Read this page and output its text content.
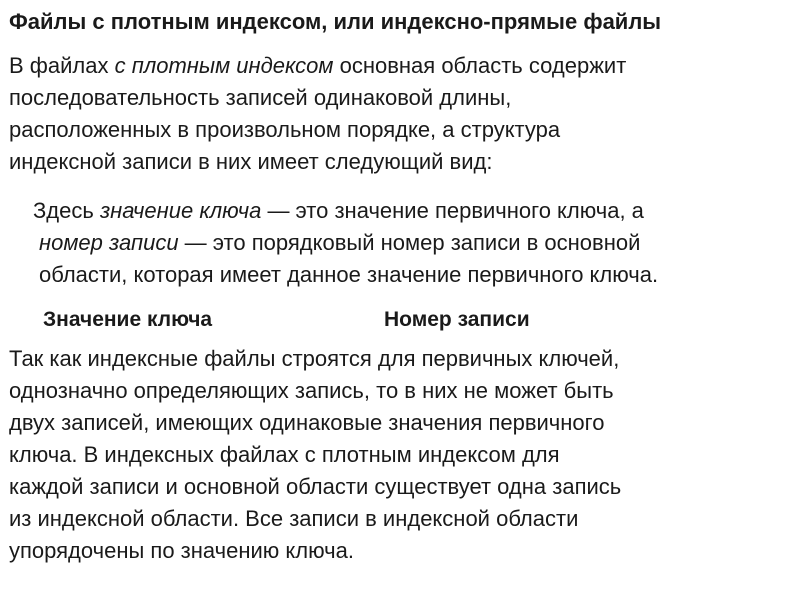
Файлы с плотным индексом, или индексно-прямые файлы
В файлах с плотным индексом основная область содержит
последовательность записей одинаковой длины,
расположенных в произвольном порядке, а структура
индексной записи в них имеет следующий вид:
Здесь значение ключа — это значение первичного ключа, а
номер записи — это порядковый номер записи в основной
области, которая имеет данное значение первичного ключа.
Значение ключа	Номер записи
Так как индексные файлы строятся для первичных ключей,
однозначно определяющих запись, то в них не может быть
двух записей, имеющих одинаковые значения первичного
ключа. В индексных файлах с плотным индексом для
каждой записи и основной области существует одна запись
из индексной области. Все записи в индексной области
упорядочены по значению ключа.
